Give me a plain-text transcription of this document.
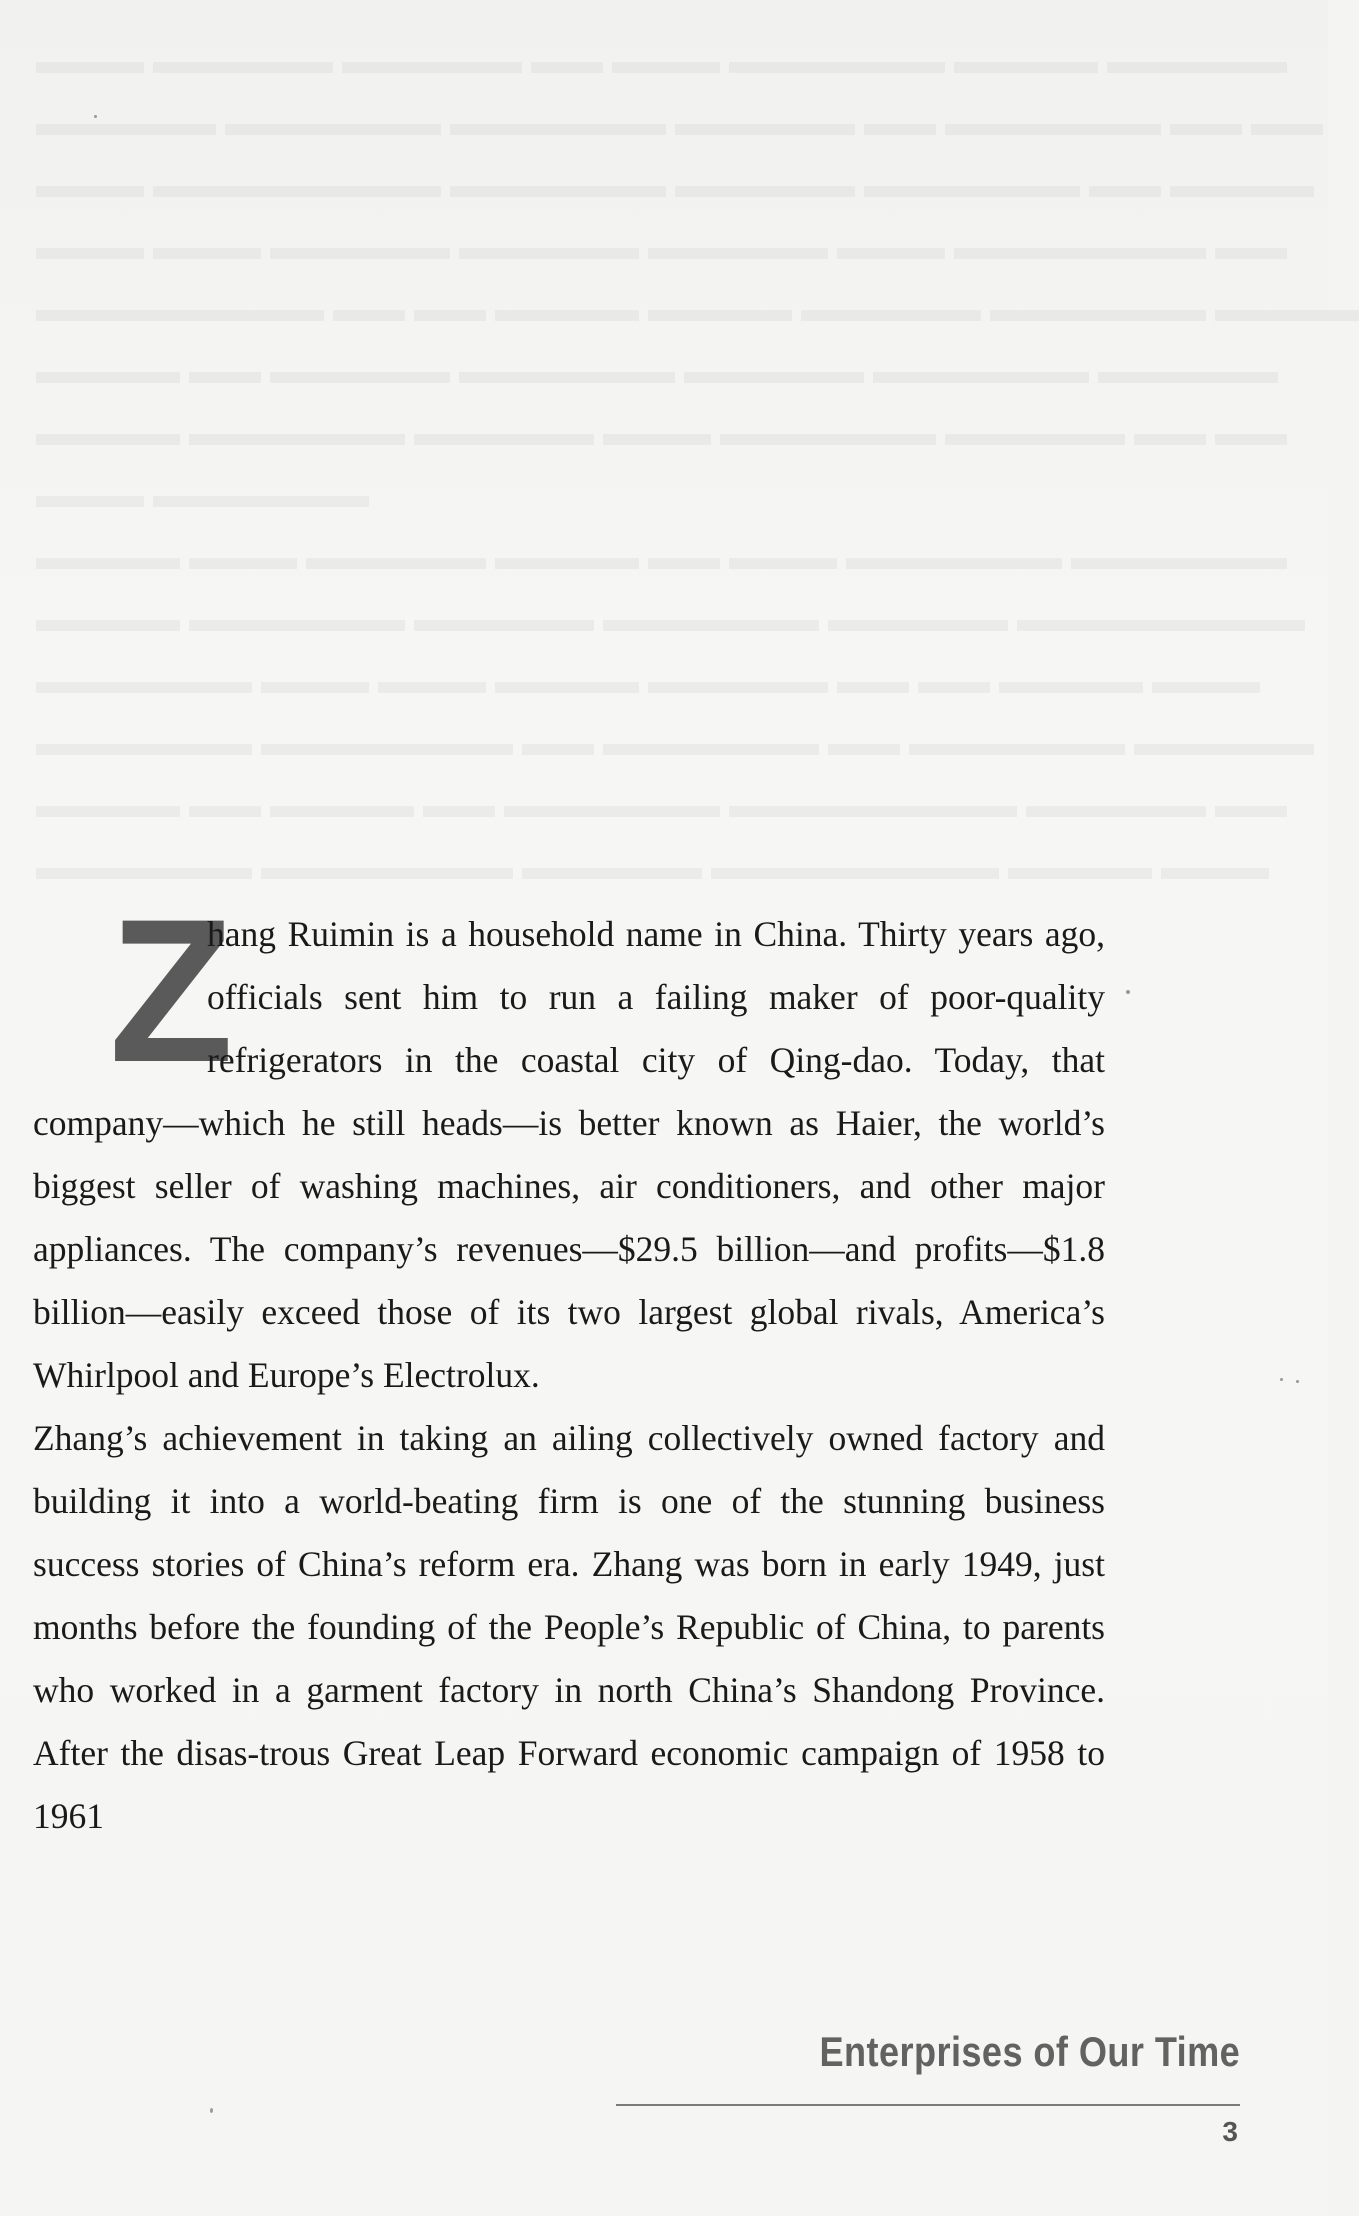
▬▬▬ ▬▬▬▬▬ ▬▬▬▬▬ ▬▬ ▬▬▬ ▬▬▬▬▬▬ ▬▬▬▬ ▬▬▬▬▬
▬▬▬▬▬ ▬▬▬▬▬▬ ▬▬▬▬▬▬ ▬▬▬▬▬ ▬▬ ▬▬▬▬▬▬ ▬▬ ▬▬
▬▬▬ ▬▬▬▬▬▬▬▬ ▬▬▬▬▬▬ ▬▬▬▬▬ ▬▬▬▬▬▬ ▬▬ ▬▬▬▬
▬▬▬ ▬▬▬ ▬▬▬▬▬ ▬▬▬▬▬ ▬▬▬▬▬ ▬▬▬ ▬▬▬▬▬▬▬ ▬▬
▬▬▬▬▬▬▬▬ ▬▬ ▬▬ ▬▬▬▬ ▬▬▬▬ ▬▬▬▬▬ ▬▬▬▬▬▬ ▬▬▬▬
▬▬▬▬ ▬▬ ▬▬▬▬▬ ▬▬▬▬▬▬ ▬▬▬▬▬ ▬▬▬▬▬▬ ▬▬▬▬▬
▬▬▬▬ ▬▬▬▬▬▬ ▬▬▬▬▬ ▬▬▬ ▬▬▬▬▬▬ ▬▬▬▬▬ ▬▬ ▬▬
▬▬▬ ▬▬▬▬▬▬
▬▬▬▬ ▬▬▬ ▬▬▬▬▬ ▬▬▬▬ ▬▬ ▬▬▬ ▬▬▬▬▬▬ ▬▬▬▬▬▬
▬▬▬▬ ▬▬▬▬▬▬ ▬▬▬▬▬ ▬▬▬▬▬▬ ▬▬▬▬▬ ▬▬▬▬▬▬▬▬
▬▬▬▬▬▬ ▬▬▬ ▬▬▬ ▬▬▬▬ ▬▬▬▬▬ ▬▬ ▬▬ ▬▬▬▬ ▬▬▬
▬▬▬▬▬▬ ▬▬▬▬▬▬▬ ▬▬ ▬▬▬▬▬▬ ▬▬ ▬▬▬▬▬▬ ▬▬▬▬▬
▬▬▬▬ ▬▬ ▬▬▬▬ ▬▬ ▬▬▬▬▬▬ ▬▬▬▬▬▬▬▬ ▬▬▬▬▬ ▬▬
▬▬▬▬▬▬ ▬▬▬▬▬▬▬ ▬▬▬▬▬ ▬▬▬▬▬▬▬▬ ▬▬▬▬ ▬▬▬

Z
hang Ruimin is a household name in China. Thirty years ago, officials sent him to run a failing maker of poor-quality refrigerators in the coastal city of Qing-dao. Today, that company—which he still heads—is better known as Haier, the world’s biggest seller of washing machines, air conditioners, and other major appliances. The company’s revenues—$29.5 billion—and profits—$1.8 billion—easily exceed those of its two largest global rivals, America’s Whirlpool and Europe’s Electrolux.

Zhang’s achievement in taking an ailing collectively owned factory and building it into a world-beating firm is one of the stunning business success stories of China’s reform era. Zhang was born in early 1949, just months before the founding of the People’s Republic of China, to parents who worked in a garment factory in north China’s Shandong Province. After the disas-trous Great Leap Forward economic campaign of 1958 to 1961

Enterprises of Our Time
3
